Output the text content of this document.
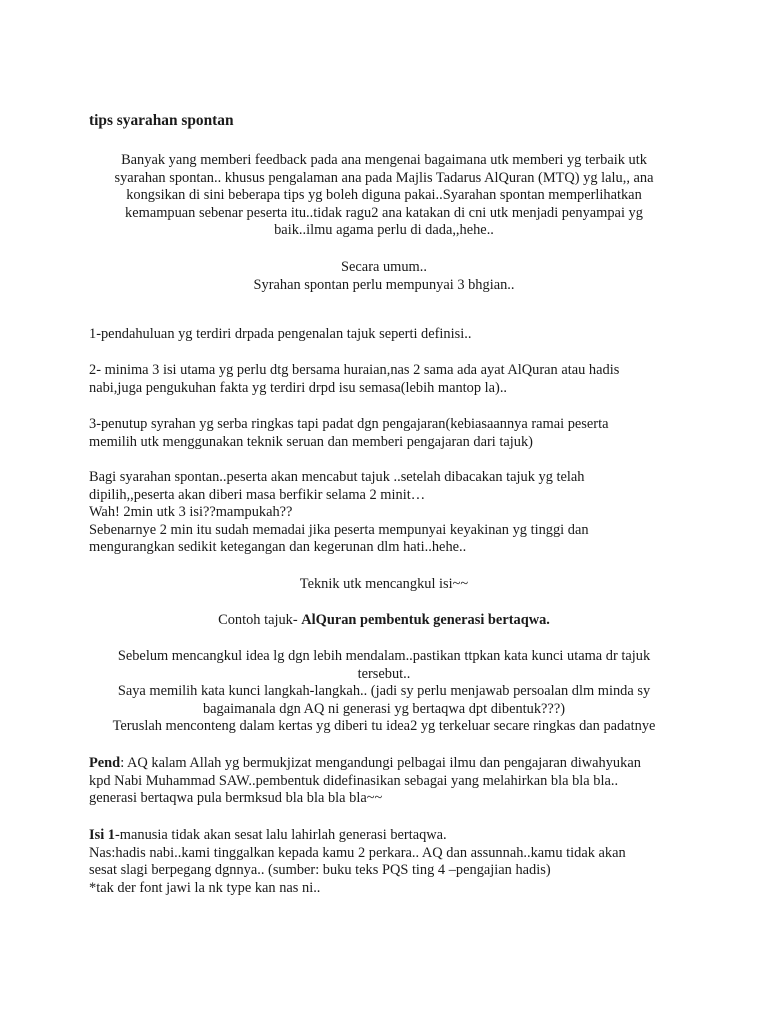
tips syarahan spontan
Banyak yang memberi feedback pada ana mengenai bagaimana utk memberi yg terbaik utk
syarahan spontan.. khusus pengalaman ana pada Majlis Tadarus AlQuran (MTQ) yg lalu,, ana
kongsikan di sini beberapa tips yg boleh diguna pakai..Syarahan spontan memperlihatkan
kemampuan sebenar peserta itu..tidak ragu2 ana katakan di cni utk menjadi penyampai yg
baik..ilmu agama perlu di dada,,hehe..
Secara umum..
Syrahan spontan perlu mempunyai 3 bhgian..
1-pendahuluan yg terdiri drpada pengenalan tajuk seperti definisi..
2- minima 3 isi utama yg perlu dtg bersama huraian,nas 2 sama ada ayat AlQuran atau hadis
nabi,juga pengukuhan fakta yg terdiri drpd isu semasa(lebih mantop la)..
3-penutup syrahan yg serba ringkas tapi padat dgn pengajaran(kebiasaannya ramai peserta
memilih utk menggunakan teknik seruan dan memberi pengajaran dari tajuk)
Bagi syarahan spontan..peserta akan mencabut tajuk ..setelah dibacakan tajuk yg telah
dipilih,,peserta akan diberi masa berfikir selama 2 minit…
Wah! 2min utk 3 isi??mampukah??
Sebenarnye 2 min itu sudah memadai jika peserta mempunyai keyakinan yg tinggi dan
mengurangkan sedikit ketegangan dan kegerunan dlm hati..hehe..
Teknik utk mencangkul isi~~
Contoh tajuk- AlQuran pembentuk generasi bertaqwa.
Sebelum mencangkul idea lg dgn lebih mendalam..pastikan ttpkan kata kunci utama dr tajuk
tersebut..
Saya memilih kata kunci langkah-langkah.. (jadi sy perlu menjawab persoalan dlm minda sy
bagaimanala dgn AQ ni generasi yg bertaqwa dpt dibentuk???)
Teruslah menconteng dalam kertas yg diberi tu idea2 yg terkeluar secare ringkas dan padatnye
Pend: AQ kalam Allah yg bermukjizat mengandungi pelbagai ilmu dan pengajaran diwahyukan
kpd Nabi Muhammad SAW..pembentuk didefinasikan sebagai yang melahirkan bla bla bla..
generasi bertaqwa pula bermksud bla bla bla bla~~
Isi 1-manusia tidak akan sesat lalu lahirlah generasi bertaqwa.
Nas:hadis nabi..kami tinggalkan kepada kamu 2 perkara.. AQ dan assunnah..kamu tidak akan
sesat slagi berpegang dgnnya.. (sumber: buku teks PQS ting 4 –pengajian hadis)
*tak der font jawi la nk type kan nas ni..
